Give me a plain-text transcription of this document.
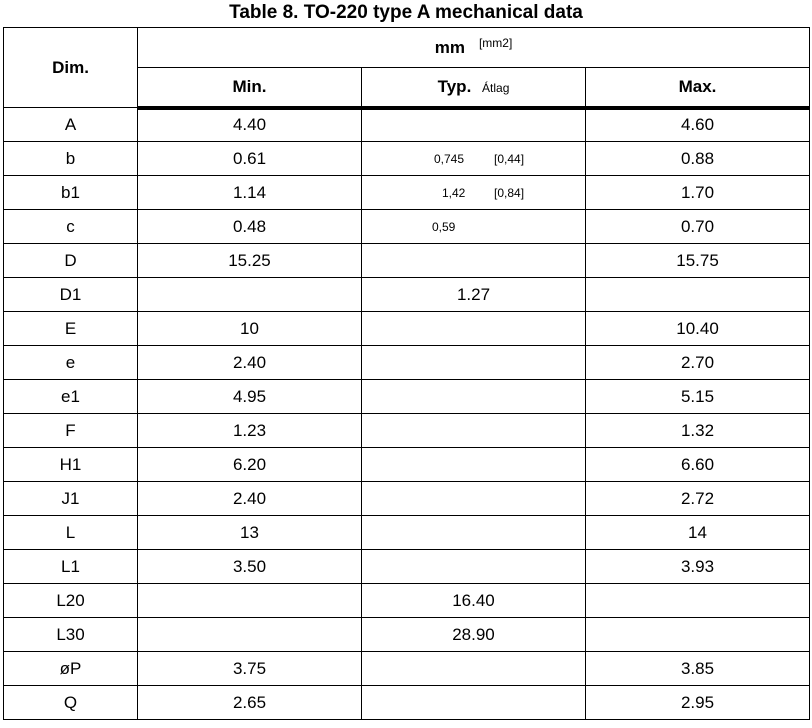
Table 8. TO-220 type A mechanical data
Dim.	mm [mm2]
	Min.	Typ. Átlag	Max.
A	4.40		4.60
b	0.61	0,745 [0,44]	0.88
b1	1.14	1,42 [0,84]	1.70
c	0.48	0,59	0.70
D	15.25		15.75
D1		1.27	
E	10		10.40
e	2.40		2.70
e1	4.95		5.15
F	1.23		1.32
H1	6.20		6.60
J1	2.40		2.72
L	13		14
L1	3.50		3.93
L20		16.40	
L30		28.90	
øP	3.75		3.85
Q	2.65		2.95
